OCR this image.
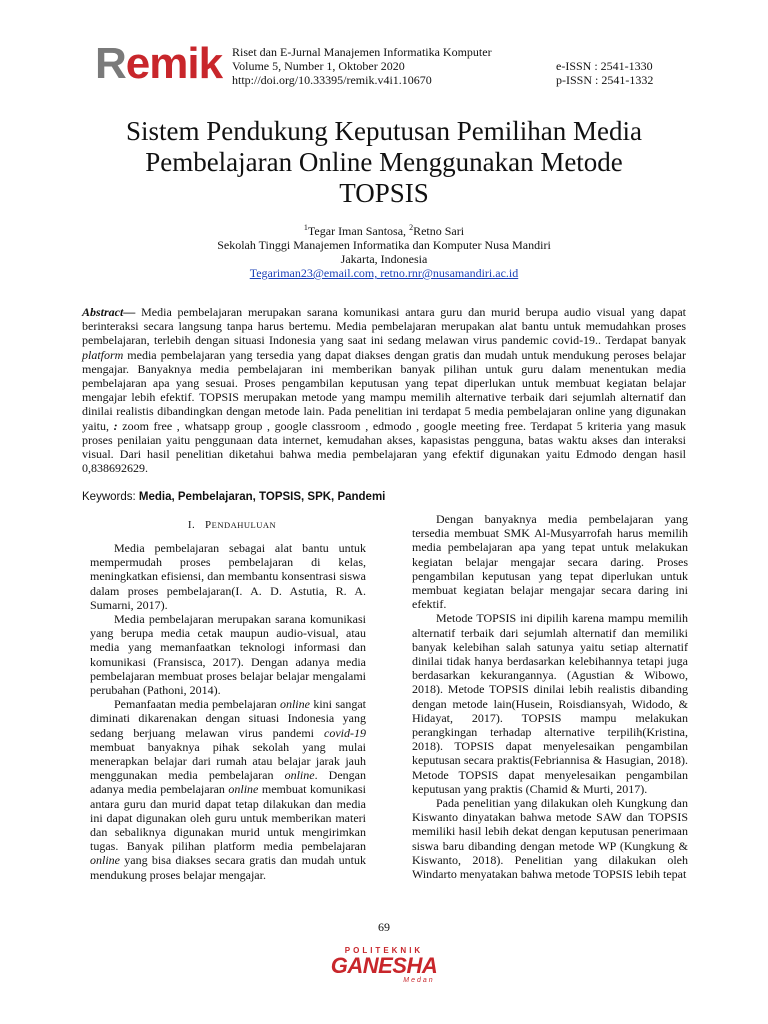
Remik Riset dan E-Jurnal Manajemen Informatika Komputer
Volume 5, Number 1, Oktober 2020
http://doi.org/10.33395/remik.v4i1.10670
e-ISSN : 2541-1330
p-ISSN : 2541-1332
Sistem Pendukung Keputusan Pemilihan Media
Pembelajaran Online Menggunakan Metode
TOPSIS
$^1$Tegar Iman Santosa, $^2$Retno Sari
Sekolah Tinggi Manajemen Informatika dan Komputer Nusa Mandiri
Jakarta, Indonesia
Tegariman23@email.com, retno.rnr@nusamandiri.ac.id
Abstract— Media pembelajaran merupakan sarana komunikasi antara guru dan murid berupa audio visual yang dapat berinteraksi secara langsung tanpa harus bertemu. Media pembelajaran merupakan alat bantu untuk memudahkan proses pembelajaran, terlebih dengan situasi Indonesia yang saat ini sedang melawan virus pandemic covid-19.. Terdapat banyak platform media pembelajaran yang tersedia yang dapat diakses dengan gratis dan mudah untuk mendukung peroses belajar mengajar. Banyaknya media pembelajaran ini memberikan banyak pilihan untuk guru dalam menentukan media pembelajaran apa yang sesuai. Proses pengambilan keputusan yang tepat diperlukan untuk membuat kegiatan belajar mengajar lebih efektif. TOPSIS merupakan metode yang mampu memilih alternative terbaik dari sejumlah alternatif dan dinilai realistis dibandingkan dengan metode lain. Pada penelitian ini terdapat 5 media pembelajaran online yang digunakan yaitu, : zoom free , whatsapp group , google classroom , edmodo , google meeting free. Terdapat 5 kriteria yang masuk proses penilaian yaitu penggunaan data internet, kemudahan akses, kapasistas pengguna, batas waktu akses dan interaksi visual. Dari hasil penelitian diketahui bahwa media pembelajaran yang efektif digunakan yaitu Edmodo dengan hasil 0,838692629.
Keywords: Media, Pembelajaran, TOPSIS, SPK, Pandemi
I. PENDAHULUAN

Media pembelajaran sebagai alat bantu untuk mempermudah proses pembelajaran di kelas, meningkatkan efisiensi, dan membantu konsentrasi siswa dalam proses pembelajaran(I. A. D. Astutia, R. A. Sumarni, 2017).

Media pembelajaran merupakan sarana komunikasi yang berupa media cetak maupun audio-visual, atau media yang memanfaatkan teknologi informasi dan komunikasi (Fransisca, 2017). Dengan adanya media pembelajaran membuat proses belajar belajar mengalami perubahan (Pathoni, 2014).

Pemanfaatan media pembelajaran online kini sangat diminati dikarenakan dengan situasi Indonesia yang sedang berjuang melawan virus pandemi covid-19 membuat banyaknya pihak sekolah yang mulai menerapkan belajar dari rumah atau belajar jarak jauh menggunakan media pembelajaran online. Dengan adanya media pembelajaran online membuat komunikasi antara guru dan murid dapat tetap dilakukan dan media ini dapat digunakan oleh guru untuk memberikan materi dan sebaliknya digunakan murid untuk mengirimkan tugas. Banyak pilihan platform media pembelajaran online yang bisa diakses secara gratis dan mudah untuk mendukung proses belajar mengajar.

Dengan banyaknya media pembelajaran yang tersedia membuat SMK Al-Musyarrofah harus memilih media pembelajaran apa yang tepat untuk melakukan kegiatan belajar mengajar secara daring. Proses pengambilan keputusan yang tepat diperlukan untuk membuat kegiatan belajar mengajar secara daring ini efektif.

Metode TOPSIS ini dipilih karena mampu memilih alternatif terbaik dari sejumlah alternatif dan memiliki banyak kelebihan salah satunya yaitu setiap alternatif dinilai tidak hanya berdasarkan kelebihannya tetapi juga berdasarkan kekurangannya. (Agustian & Wibowo, 2018). Metode TOPSIS dinilai lebih realistis dibanding dengan metode lain(Husein, Roisdiansyah, Widodo, & Hidayat, 2017). TOPSIS mampu melakukan perangkingan terhadap alternative terpilih(Kristina, 2018). TOPSIS dapat menyelesaikan pengambilan keputusan secara praktis(Febriannisa & Hasugian, 2018). Metode TOPSIS dapat menyelesaikan pengambilan keputusan yang praktis (Chamid & Murti, 2017).

Pada penelitian yang dilakukan oleh Kungkung dan Kiswanto dinyatakan bahwa metode SAW dan TOPSIS memiliki hasil lebih dekat dengan keputusan penerimaan siswa baru dibanding dengan metode WP (Kungkung & Kiswanto, 2018). Penelitian yang dilakukan oleh Windarto menyatakan bahwa metode TOPSIS lebih tepat

69
POLITEKNIK
GANESHA
Medan
